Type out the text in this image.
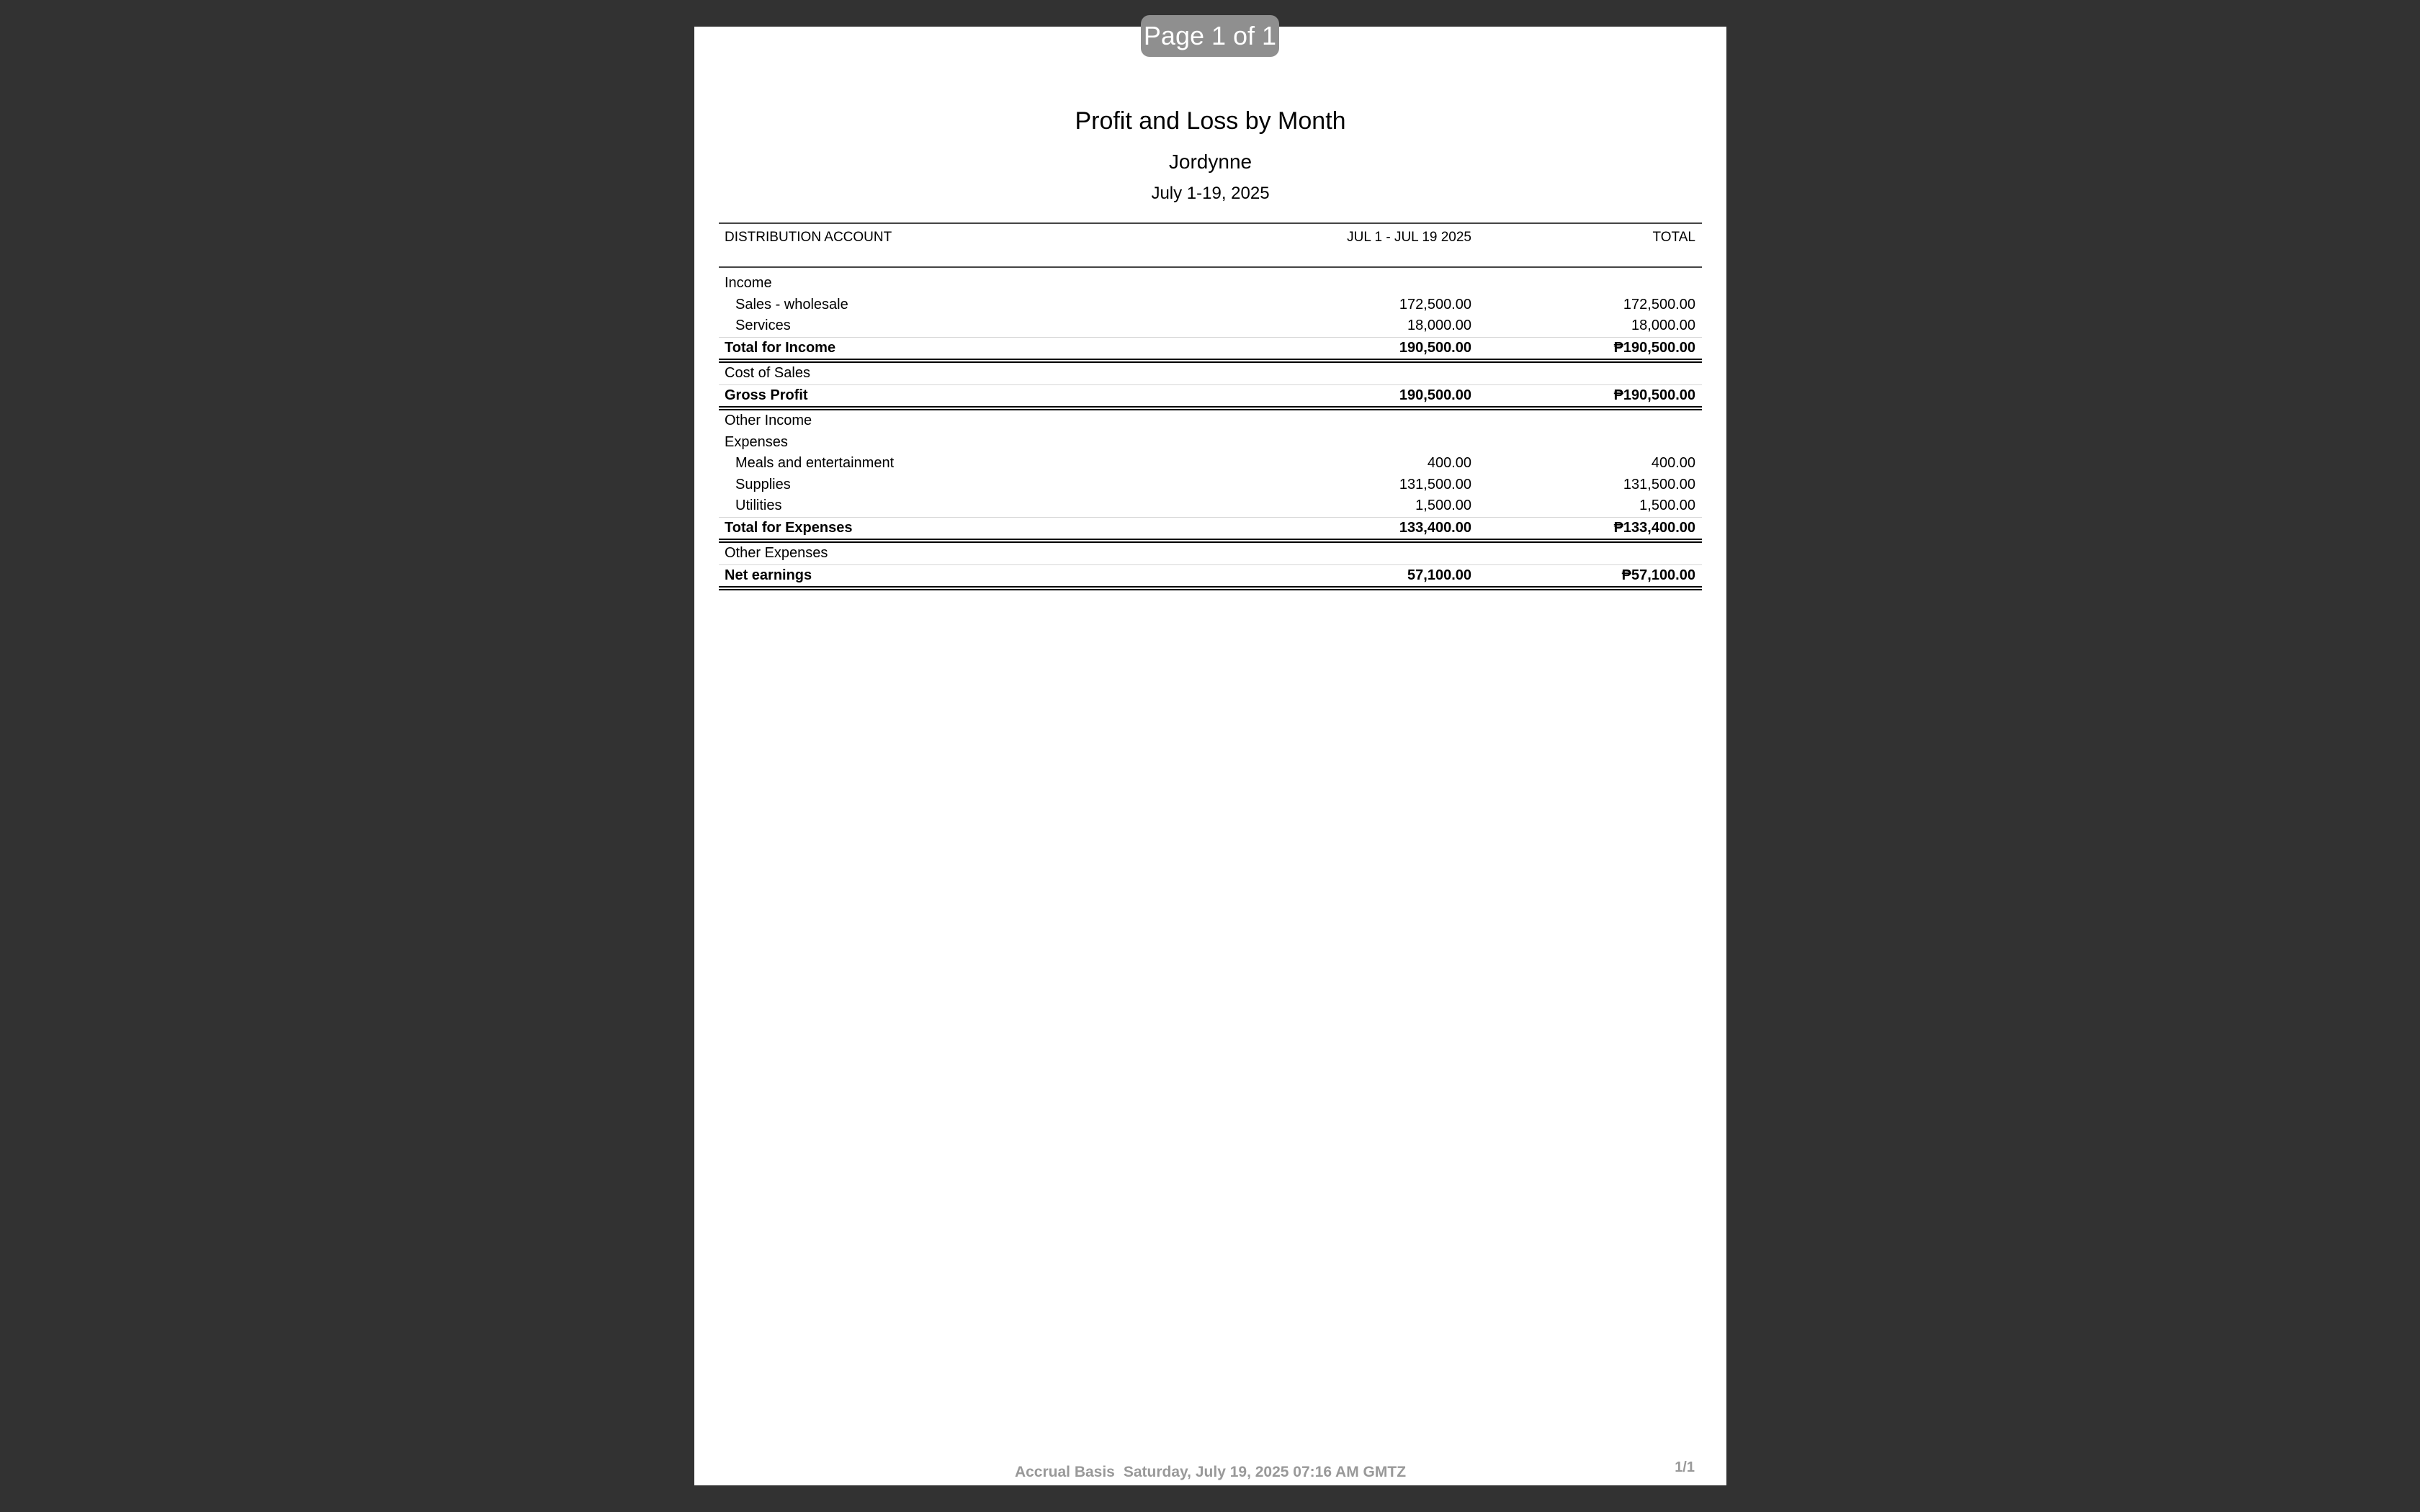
Page 1 of 1
Profit and Loss by Month
Jordynne
July 1-19, 2025
DISTRIBUTION ACCOUNT	JUL 1 - JUL 19 2025	TOTAL
Income
Sales - wholesale	172,500.00	172,500.00
Services	18,000.00	18,000.00
Total for Income	190,500.00	₱190,500.00
Cost of Sales
Gross Profit	190,500.00	₱190,500.00
Other Income
Expenses
Meals and entertainment	400.00	400.00
Supplies	131,500.00	131,500.00
Utilities	1,500.00	1,500.00
Total for Expenses	133,400.00	₱133,400.00
Other Expenses
Net earnings	57,100.00	₱57,100.00
Accrual Basis Saturday, July 19, 2025 07:16 AM GMTZ	1/1
